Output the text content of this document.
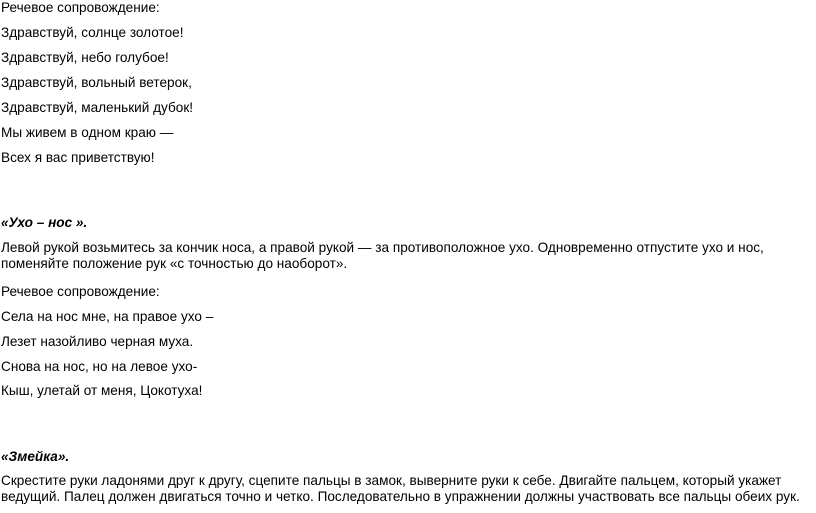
Речевое сопровождение:
Здравствуй, солнце золотое!
Здравствуй, небо голубое!
Здравствуй, вольный ветерок,
Здравствуй, маленький дубок!
Мы живем в одном краю —
Всех я вас приветствую!
«Ухо – нос ».
Левой рукой возьмитесь за кончик носа, а правой рукой — за противоположное ухо. Одновременно отпустите ухо и нос, поменяйте положение рук «с точностью до наоборот».
Речевое сопровождение:
Села на нос мне, на правое ухо –
Лезет назойливо черная муха.
Снова на нос, но на левое ухо-
Кыш, улетай от меня, Цокотуха!
«Змейка».
Скрестите руки ладонями друг к другу, сцепите пальцы в замок, выверните руки к себе. Двигайте пальцем, который укажет ведущий. Палец должен двигаться точно и четко. Последовательно в упражнении должны участвовать все пальцы обеих рук.
